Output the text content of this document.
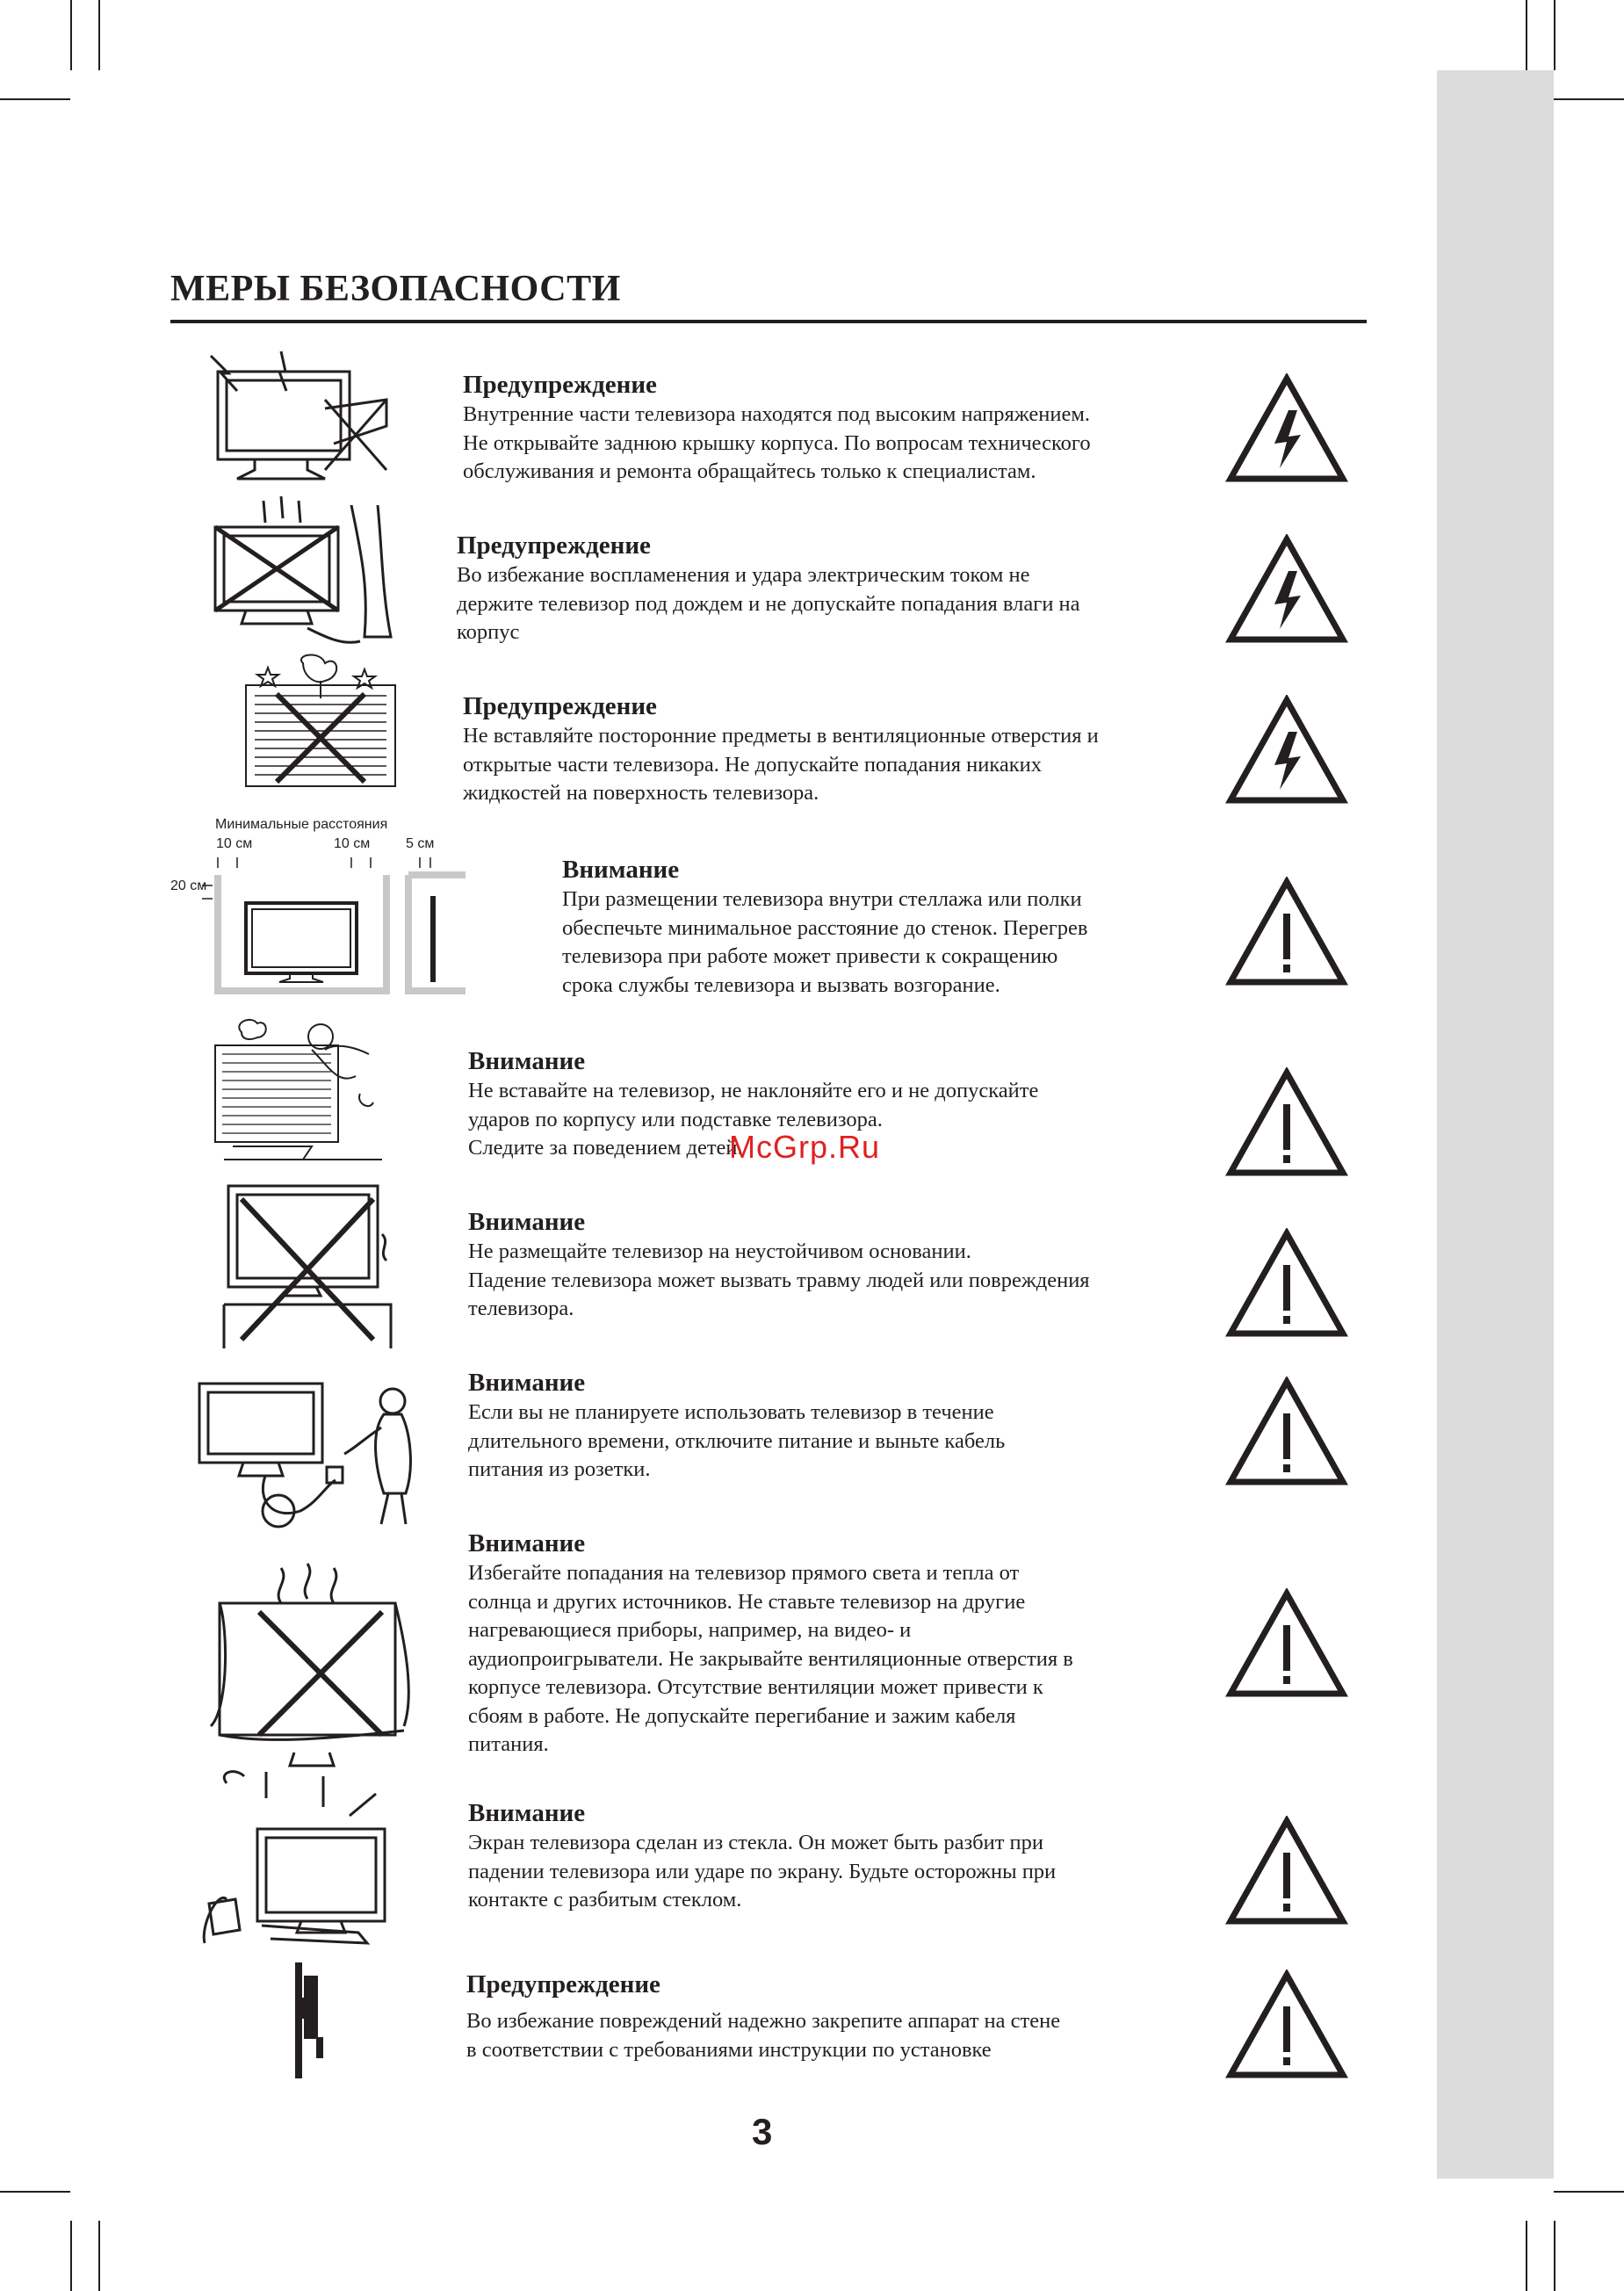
МЕРЫ БЕЗОПАСНОСТИ
Минимальные расстояния
10 см	10 см	5 см
20 см
Предупреждение
Внутренние части телевизора находятся под высоким напряжением.
Не открывайте заднюю крышку корпуса. По вопросам технического
обслуживания и ремонта обращайтесь только к специалистам.
Предупреждение
Во избежание воспламенения и удара электрическим током не
держите телевизор под дождем и не допускайте попадания влаги на
корпус
Предупреждение
Не вставляйте посторонние предметы в вентиляционные отверстия и
открытые части телевизора. Не допускайте попадания никаких
жидкостей на поверхность телевизора.
Внимание
При размещении телевизора внутри стеллажа или полки
обеспечьте минимальное расстояние до стенок. Перегрев
телевизора при работе может привести к сокращению
срока службы телевизора и вызвать возгорание.
Внимание
Не вставайте на телевизор, не наклоняйте его и не допускайте
ударов по корпусу или подставке телевизора.
Следите за поведением детей.
Внимание
Не размещайте телевизор на неустойчивом основании.
Падение телевизора может вызвать травму людей или повреждения
телевизора.
Внимание
Если вы не планируете использовать телевизор в течение
длительного времени, отключите питание и выньте кабель
питания из розетки.
Внимание
Избегайте попадания на телевизор прямого света и тепла от
солнца и других источников. Не ставьте телевизор на другие
нагревающиеся приборы, например, на видео- и
аудиопроигрыватели. Не закрывайте вентиляционные отверстия в
корпусе телевизора. Отсутствие вентиляции может привести к
сбоям в работе. Не допускайте перегибание и зажим кабеля
питания.
Внимание
Экран телевизора сделан из стекла. Он может быть разбит при
падении телевизора или ударе по экрану. Будьте осторожны при
контакте с разбитым стеклом.
Предупреждение
Во избежание повреждений надежно закрепите аппарат на стене
в соответствии с требованиями инструкции по установке
McGrp.Ru
3
